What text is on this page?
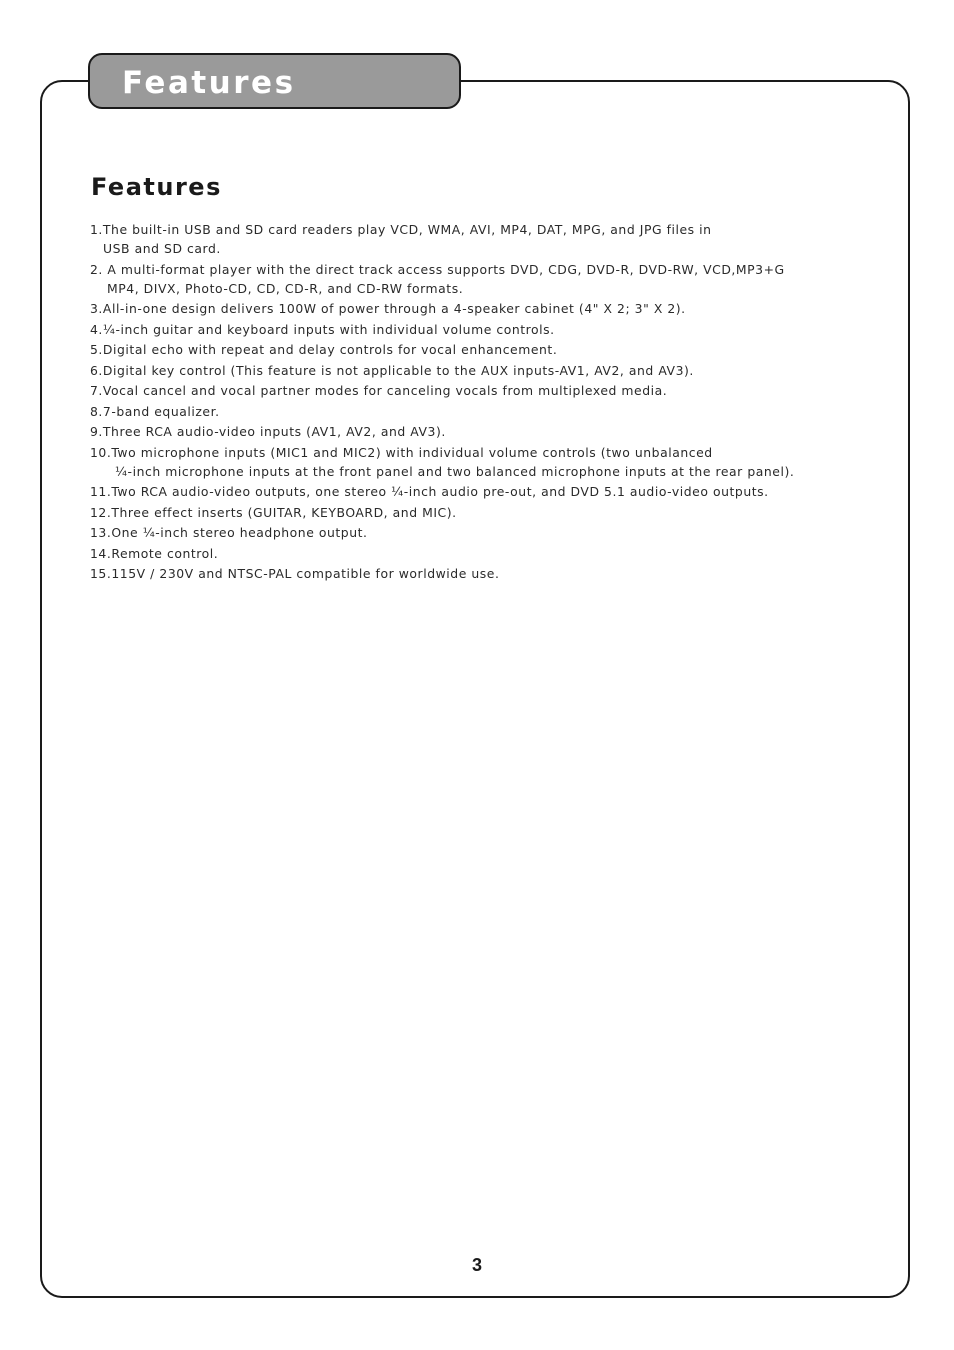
Features
Features
1.The built-in USB and SD card readers play VCD, WMA, AVI, MP4, DAT, MPG, and JPG files in
USB and SD card.
2. A multi-format player with the direct track access supports DVD, CDG, DVD-R, DVD-RW, VCD,MP3+G
MP4, DIVX, Photo-CD, CD, CD-R, and CD-RW formats.
3.All-in-one design delivers 100W of power through a 4-speaker cabinet (4" X 2; 3" X 2).
4.¼-inch guitar and keyboard inputs with individual volume controls.
5.Digital echo with repeat and delay controls for vocal enhancement.
6.Digital key control (This feature is not applicable to the AUX inputs-AV1, AV2, and AV3).
7.Vocal cancel and vocal partner modes for canceling vocals from multiplexed media.
8.7-band equalizer.
9.Three RCA audio-video inputs (AV1, AV2, and AV3).
10.Two microphone inputs (MIC1 and MIC2) with individual volume controls (two unbalanced
¼-inch microphone inputs at the front panel and two balanced microphone inputs at the rear panel).
11.Two RCA audio-video outputs, one stereo ¼-inch audio pre-out, and DVD 5.1 audio-video outputs.
12.Three effect inserts (GUITAR, KEYBOARD, and MIC).
13.One ¼-inch stereo headphone output.
14.Remote control.
15.115V / 230V and NTSC-PAL compatible for worldwide use.

3
